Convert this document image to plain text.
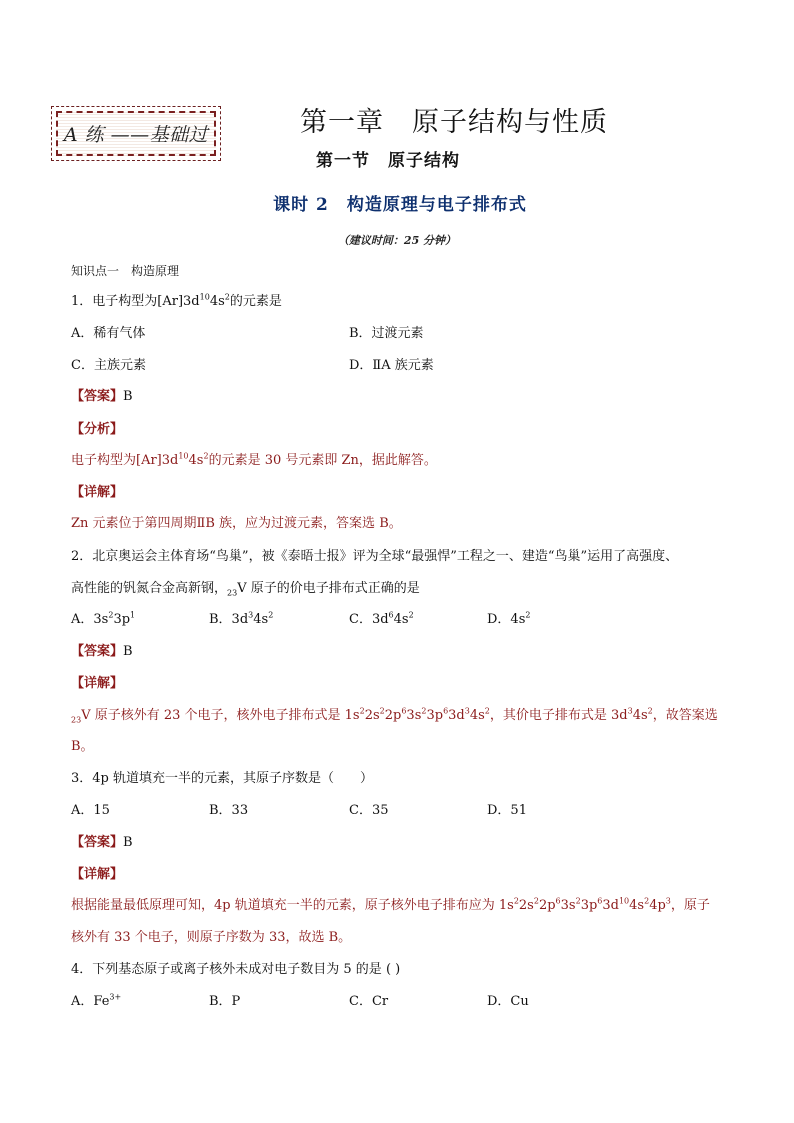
A 练 ——基础过	第一章　原子结构与性质
第一节　原子结构
课时 2　构造原理与电子排布式
（建议时间：25 分钟）
知识点一　构造原理
1．电子构型为$[Ar]3d^{10}4s^2$的元素是
A．稀有气体	B．过渡元素
C．主族元素	D．ⅡA 族元素
【答案】B
【分析】
电子构型为$[Ar]3d^{10}4s^2$的元素是 30 号元素即 Zn，据此解答。
【详解】
Zn 元素位于第四周期ⅡB 族，应为过渡元素，答案选 B。
2．北京奥运会主体育场“鸟巢”，被《泰晤士报》评为全球“最强悍”工程之一、建造“鸟巢”运用了高强度、
高性能的钒氮合金高新钢，$_{23}$V 原子的价电子排布式正确的是
A．$3s^23p^1$	B．$3d^34s^2$	C．$3d^64s^2$	D．$4s^2$
【答案】B
【详解】
$_{23}$V 原子核外有 23 个电子，核外电子排布式是 $1s^22s^22p^63s^23p^63d^34s^2$，其价电子排布式是 $3d^34s^2$，故答案选
B。
3．4p 轨道填充一半的元素，其原子序数是（　　）
A．15	B．33	C．35	D．51
【答案】B
【详解】
根据能量最低原理可知，4p 轨道填充一半的元素，原子核外电子排布应为 $1s^22s^22p^63s^23p^63d^{10}4s^24p^3$，原子
核外有 33 个电子，则原子序数为 33，故选 B。
4．下列基态原子或离子核外未成对电子数目为 5 的是 ( )
A．$Fe^{3+}$	B．P	C．Cr	D．Cu
